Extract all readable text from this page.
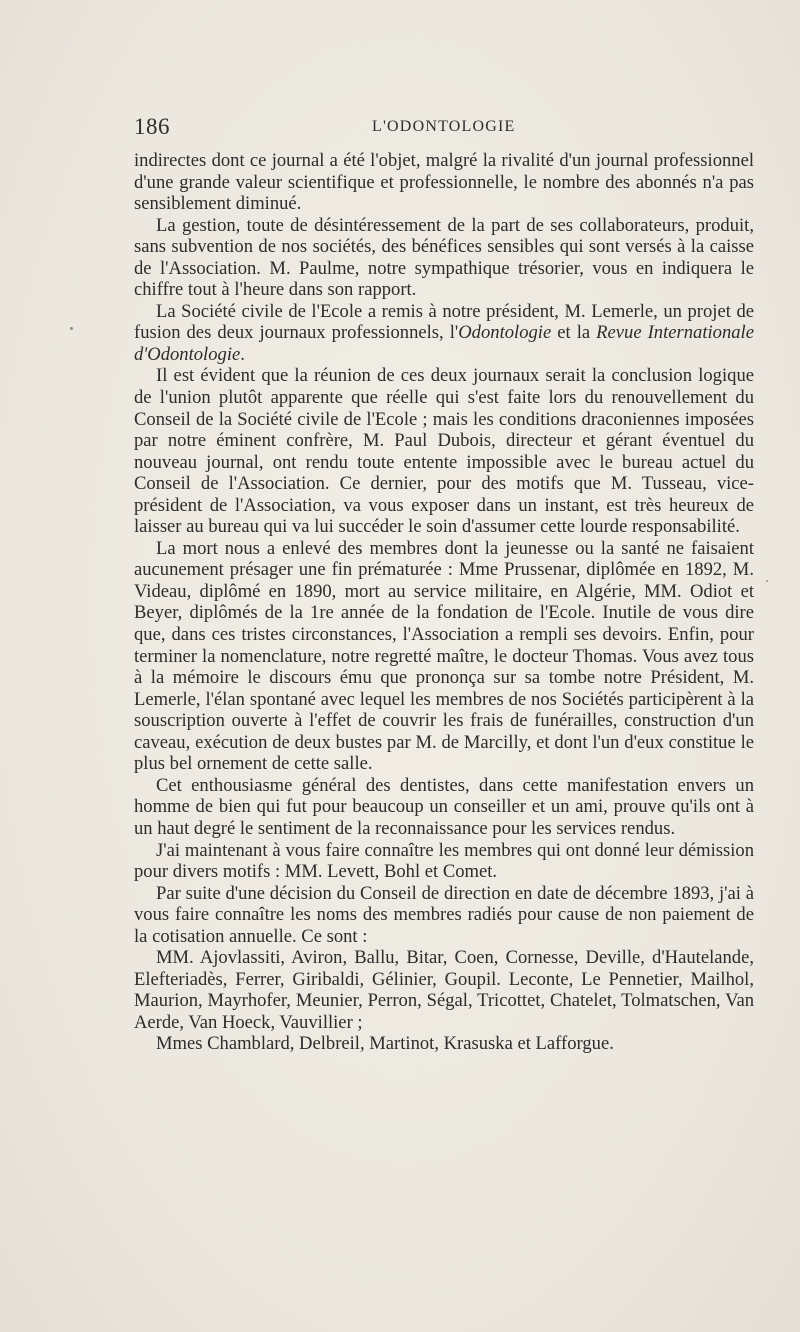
186	L'ODONTOLOGIE

indirectes dont ce journal a été l'objet, malgré la rivalité d'un journal professionnel d'une grande valeur scientifique et professionnelle, le nombre des abonnés n'a pas sensiblement diminué.

La gestion, toute de désintéressement de la part de ses collaborateurs, produit, sans subvention de nos sociétés, des bénéfices sensibles qui sont versés à la caisse de l'Association. M. Paulme, notre sympathique trésorier, vous en indiquera le chiffre tout à l'heure dans son rapport.

La Société civile de l'Ecole a remis à notre président, M. Lemerle, un projet de fusion des deux journaux professionnels, l'Odontologie et la Revue Internationale d'Odontologie.

Il est évident que la réunion de ces deux journaux serait la conclusion logique de l'union plutôt apparente que réelle qui s'est faite lors du renouvellement du Conseil de la Société civile de l'Ecole ; mais les conditions draconiennes imposées par notre éminent confrère, M. Paul Dubois, directeur et gérant éventuel du nouveau journal, ont rendu toute entente impossible avec le bureau actuel du Conseil de l'Association. Ce dernier, pour des motifs que M. Tusseau, vice-président de l'Association, va vous exposer dans un instant, est très heureux de laisser au bureau qui va lui succéder le soin d'assumer cette lourde responsabilité.

La mort nous a enlevé des membres dont la jeunesse ou la santé ne faisaient aucunement présager une fin prématurée : Mme Prussenar, diplômée en 1892, M. Videau, diplômé en 1890, mort au service militaire, en Algérie, MM. Odiot et Beyer, diplômés de la 1re année de la fondation de l'Ecole. Inutile de vous dire que, dans ces tristes circonstances, l'Association a rempli ses devoirs. Enfin, pour terminer la nomenclature, notre regretté maître, le docteur Thomas. Vous avez tous à la mémoire le discours ému que prononça sur sa tombe notre Président, M. Lemerle, l'élan spontané avec lequel les membres de nos Sociétés participèrent à la souscription ouverte à l'effet de couvrir les frais de funérailles, construction d'un caveau, exécution de deux bustes par M. de Marcilly, et dont l'un d'eux constitue le plus bel ornement de cette salle.

Cet enthousiasme général des dentistes, dans cette manifestation envers un homme de bien qui fut pour beaucoup un conseiller et un ami, prouve qu'ils ont à un haut degré le sentiment de la reconnaissance pour les services rendus.

J'ai maintenant à vous faire connaître les membres qui ont donné leur démission pour divers motifs : MM. Levett, Bohl et Comet.

Par suite d'une décision du Conseil de direction en date de décembre 1893, j'ai à vous faire connaître les noms des membres radiés pour cause de non paiement de la cotisation annuelle. Ce sont :

MM. Ajovlassiti, Aviron, Ballu, Bitar, Coen, Cornesse, Deville, d'Hautelande, Elefteriadès, Ferrer, Giribaldi, Gélinier, Goupil. Leconte, Le Pennetier, Mailhol, Maurion, Mayrhofer, Meunier, Perron, Ségal, Tricottet, Chatelet, Tolmatschen, Van Aerde, Van Hoeck, Vauvillier ;

Mmes Chamblard, Delbreil, Martinot, Krasuska et Lafforgue.
